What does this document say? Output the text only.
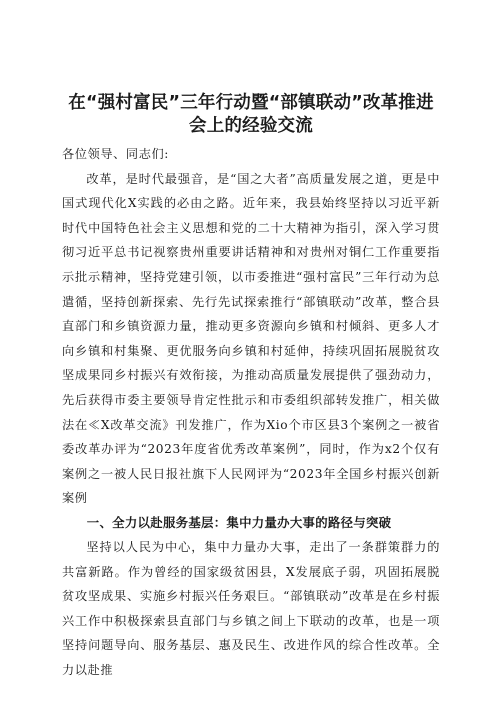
在“强村富民”三年行动暨“部镇联动”改革推进
会上的经验交流

各位领导、同志们:

改革，是时代最强音，是“国之大者”高质量发展之道，更是中国式现代化X实践的必由之路。近年来，我县始终坚持以习近平新时代中国特色社会主义思想和党的二十大精神为指引，深入学习贯彻习近平总书记视察贵州重要讲话精神和对贵州对铜仁工作重要指示批示精神，坚持党建引领，以市委推进“强村富民”三年行动为总遣循，坚持创新探索、先行先试探索推行“部镇联动”改革，整合县直部门和乡镇资源力量，推动更多资源向乡镇和村倾斜、更多人才向乡镇和村集聚、更优服务向乡镇和村延伸，持续巩固拓展脱贫攻坚成果同乡村振兴有效衔接，为推动高质量发展提供了强劲动力，先后获得市委主要领导肯定性批示和市委组织部转发推广，相关做法在≪X改革交流》刊发推广，作为Xio个市区县3个案例之一被省委改革办评为“2023年度省优秀改革案例”，同时，作为x2个仅有案例之一被人民日报社旗下人民网评为“2023年全国乡村振兴创新案例

一、全力以赴服务基层：集中力量办大事的路径与突破

坚持以人民为中心，集中力量办大事，走出了一条群策群力的共富新路。作为曾经的国家级贫困县，X发展底子弱，巩固拓展脱贫攻坚成果、实施乡村振兴任务艰巨。“部镇联动”改革是在乡村振兴工作中积极探索县直部门与乡镇之间上下联动的改革，也是一项坚持问题导向、服务基层、惠及民生、改进作风的综合性改革。全力以赴推
